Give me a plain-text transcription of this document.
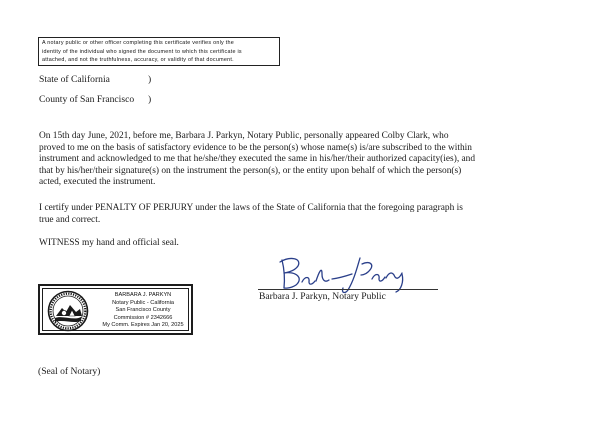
A notary public or other officer completing this certificate verifies only the
identity of the individual who signed the document to which this certificate is
attached, and not the truthfulness, accuracy, or validity of that document.
State of California	)
County of San Francisco )
On 15th day June, 2021, before me, Barbara J. Parkyn, Notary Public, personally appeared Colby Clark, who
proved to me on the basis of satisfactory evidence to be the person(s) whose name(s) is/are subscribed to the within
instrument and acknowledged to me that he/she/they executed the same in his/her/their authorized capacity(ies), and
that by his/her/their signature(s) on the instrument the person(s), or the entity upon behalf of which the person(s)
acted, executed the instrument.
I certify under PENALTY OF PERJURY under the laws of the State of California that the foregoing paragraph is
true and correct.
WITNESS my hand and official seal.
Barbara J. Parkyn, Notary Public
BARBARA J. PARKYN
Notary Public - California
San Francisco County
Commission # 2342666
My Comm. Expires Jan 20, 2025
(Seal of Notary)
